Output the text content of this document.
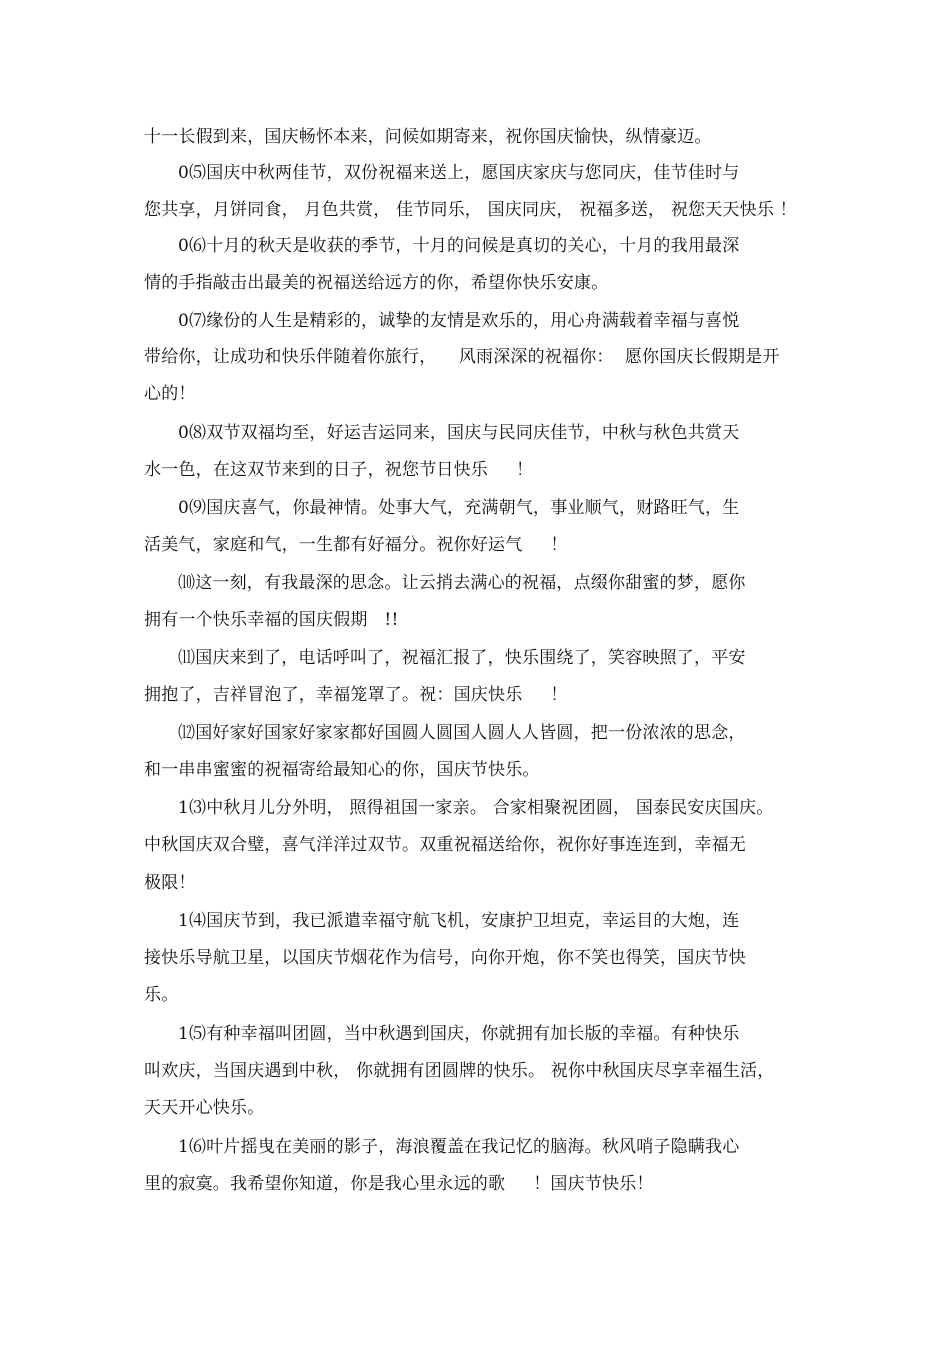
十一长假到来，国庆畅怀本来，问候如期寄来，祝你国庆愉快，纵情豪迈。
0⑸国庆中秋两佳节，双份祝福来送上，愿国庆家庆与您同庆，佳节佳时与
您共享，月饼同食， 月色共赏， 佳节同乐， 国庆同庆， 祝福多送， 祝您天天快乐 ！
0⑹十月的秋天是收获的季节，十月的问候是真切的关心，十月的我用最深
情的手指敲击出最美的祝福送给远方的你，希望你快乐安康。
0⑺缘份的人生是精彩的，诚挚的友情是欢乐的，用心舟满载着幸福与喜悦
带给你，让成功和快乐伴随着你旅行，    风雨深深的祝福你：  愿你国庆长假期是开
心的！
0⑻双节双福均至，好运吉运同来，国庆与民同庆佳节，中秋与秋色共赏天
水一色，在这双节来到的日子，祝您节日快乐     ！
0⑼国庆喜气，你最神情。处事大气，充满朝气，事业顺气，财路旺气，生
活美气，家庭和气，一生都有好福分。祝你好运气     ！
⑽这一刻，有我最深的思念。让云捎去满心的祝福，点缀你甜蜜的梦，愿你
拥有一个快乐幸福的国庆假期   !!
⑾国庆来到了，电话呼叫了，祝福汇报了，快乐围绕了，笑容映照了，平安
拥抱了，吉祥冒泡了，幸福笼罩了。祝：国庆快乐     ！
⑿国好家好国家好家家都好国圆人圆国人圆人人皆圆，把一份浓浓的思念，
和一串串蜜蜜的祝福寄给最知心的你，国庆节快乐。
1⑶中秋月儿分外明， 照得祖国一家亲。 合家相聚祝团圆， 国泰民安庆国庆。
中秋国庆双合璧，喜气洋洋过双节。双重祝福送给你，祝你好事连连到，幸福无
极限！
1⑷国庆节到，我已派遣幸福守航飞机，安康护卫坦克，幸运目的大炮，连
接快乐导航卫星，以国庆节烟花作为信号，向你开炮，你不笑也得笑，国庆节快
乐。
1⑸有种幸福叫团圆，当中秋遇到国庆，你就拥有加长版的幸福。有种快乐
叫欢庆，当国庆遇到中秋， 你就拥有团圆牌的快乐。 祝你中秋国庆尽享幸福生活，
天天开心快乐。
1⑹叶片摇曳在美丽的影子，海浪覆盖在我记忆的脑海。秋风哨子隐瞒我心
里的寂寞。我希望你知道，你是我心里永远的歌     ！国庆节快乐！
